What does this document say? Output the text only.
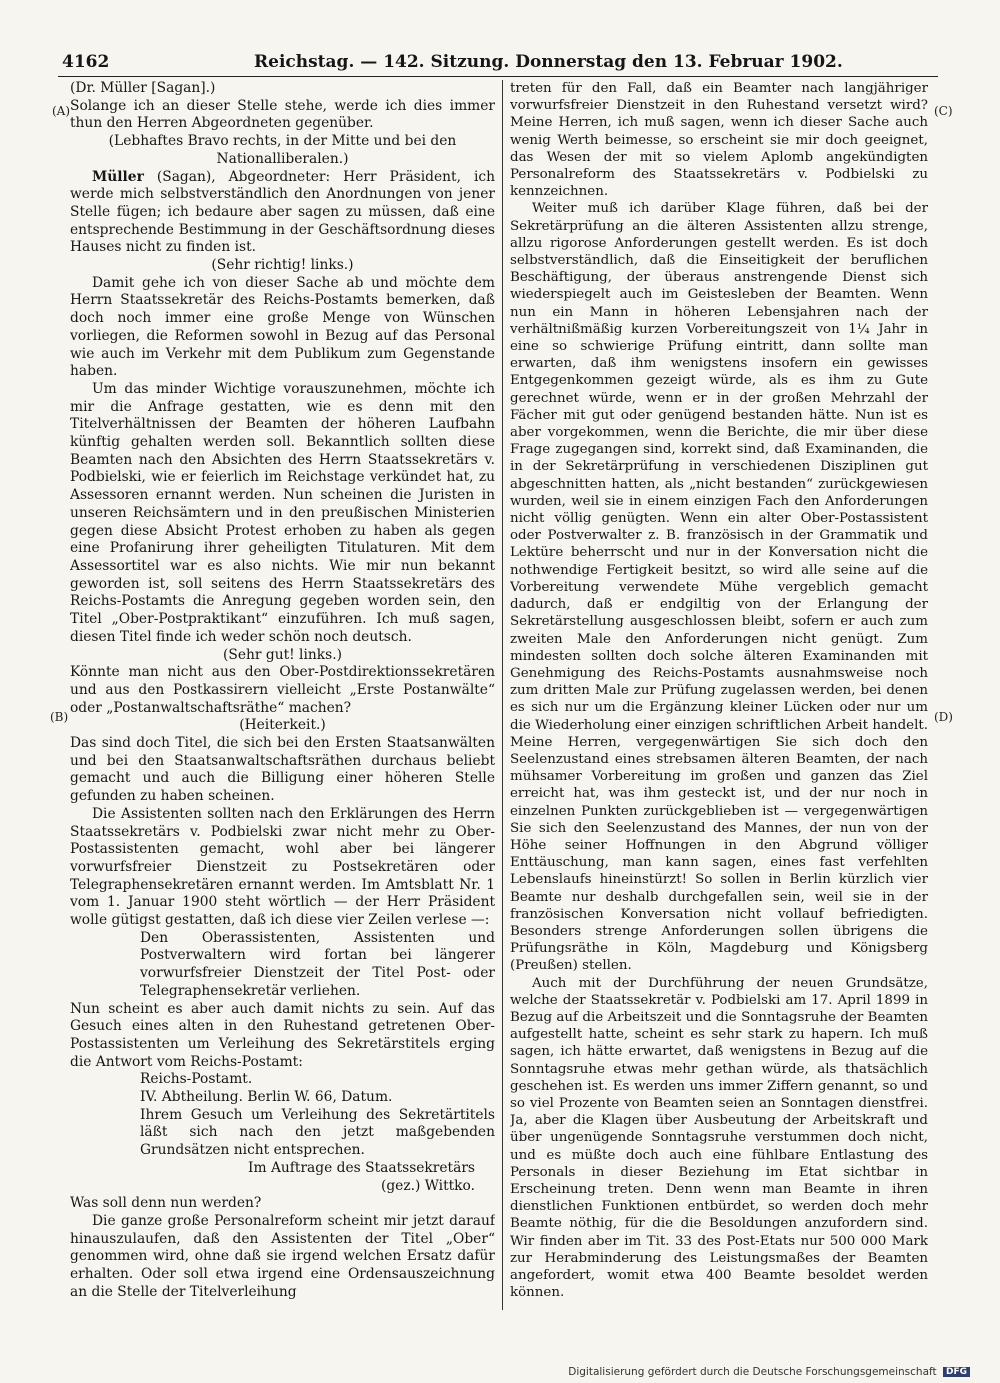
4162	Reichstag. — 142. Sitzung. Donnerstag den 13. Februar 1902.
(A)
(B)
(C)
(D)

(Dr. Müller [Sagan].)

Solange ich an dieser Stelle stehe, werde ich dies immer thun den Herren Abgeordneten gegenüber.

(Lebhaftes Bravo rechts, in der Mitte und bei den Nationalliberalen.)

Müller (Sagan), Abgeordneter: Herr Präsident, ich werde mich selbstverständlich den Anordnungen von jener Stelle fügen; ich bedaure aber sagen zu müssen, daß eine entsprechende Bestimmung in der Geschäftsordnung dieses Hauses nicht zu finden ist.

(Sehr richtig! links.)

Damit gehe ich von dieser Sache ab und möchte dem Herrn Staatssekretär des Reichs-Postamts bemerken, daß doch noch immer eine große Menge von Wünschen vorliegen, die Reformen sowohl in Bezug auf das Personal wie auch im Verkehr mit dem Publikum zum Gegenstande haben.

Um das minder Wichtige vorauszunehmen, möchte ich mir die Anfrage gestatten, wie es denn mit den Titelverhältnissen der Beamten der höheren Laufbahn künftig gehalten werden soll. Bekanntlich sollten diese Beamten nach den Absichten des Herrn Staatssekretärs v. Podbielski, wie er feierlich im Reichstage verkündet hat, zu Assessoren ernannt werden. Nun scheinen die Juristen in unseren Reichsämtern und in den preußischen Ministerien gegen diese Absicht Protest erhoben zu haben als gegen eine Profanirung ihrer geheiligten Titulaturen. Mit dem Assessortitel war es also nichts. Wie mir nun bekannt geworden ist, soll seitens des Herrn Staatssekretärs des Reichs-Postamts die Anregung gegeben worden sein, den Titel „Ober-Postpraktikant“ einzuführen. Ich muß sagen, diesen Titel finde ich weder schön noch deutsch.

(Sehr gut! links.)

Könnte man nicht aus den Ober-Postdirektionssekretären und aus den Postkassirern vielleicht „Erste Postanwälte“ oder „Postanwaltschaftsräthe“ machen?

(Heiterkeit.)

Das sind doch Titel, die sich bei den Ersten Staatsanwälten und bei den Staatsanwaltschaftsräthen durchaus beliebt gemacht und auch die Billigung einer höheren Stelle gefunden zu haben scheinen.

Die Assistenten sollten nach den Erklärungen des Herrn Staatssekretärs v. Podbielski zwar nicht mehr zu Ober-Postassistenten gemacht, wohl aber bei längerer vorwurfsfreier Dienstzeit zu Postsekretären oder Telegraphensekretären ernannt werden. Im Amtsblatt Nr. 1 vom 1. Januar 1900 steht wörtlich — der Herr Präsident wolle gütigst gestatten, daß ich diese vier Zeilen verlese —:

Den Oberassistenten, Assistenten und Postverwaltern wird fortan bei längerer vorwurfsfreier Dienstzeit der Titel Post- oder Telegraphensekretär verliehen.

Nun scheint es aber auch damit nichts zu sein. Auf das Gesuch eines alten in den Ruhestand getretenen Ober-Postassistenten um Verleihung des Sekretärstitels erging die Antwort vom Reichs-Postamt:

Reichs-Postamt.

IV. Abtheilung. Berlin W. 66, Datum.

Ihrem Gesuch um Verleihung des Sekretärtitels läßt sich nach den jetzt maßgebenden Grundsätzen nicht entsprechen.

Im Auftrage des Staatssekretärs

(gez.) Wittko.

Was soll denn nun werden?

Die ganze große Personalreform scheint mir jetzt darauf hinauszulaufen, daß den Assistenten der Titel „Ober“ genommen wird, ohne daß sie irgend welchen Ersatz dafür erhalten. Oder soll etwa irgend eine Ordensauszeichnung an die Stelle der Titelverleihung

treten für den Fall, daß ein Beamter nach langjähriger vorwurfsfreier Dienstzeit in den Ruhestand versetzt wird? Meine Herren, ich muß sagen, wenn ich dieser Sache auch wenig Werth beimesse, so erscheint sie mir doch geeignet, das Wesen der mit so vielem Aplomb angekündigten Personalreform des Staatssekretärs v. Podbielski zu kennzeichnen.

Weiter muß ich darüber Klage führen, daß bei der Sekretärprüfung an die älteren Assistenten allzu strenge, allzu rigorose Anforderungen gestellt werden. Es ist doch selbstverständlich, daß die Einseitigkeit der beruflichen Beschäftigung, der überaus anstrengende Dienst sich wiederspiegelt auch im Geistesleben der Beamten. Wenn nun ein Mann in höheren Lebensjahren nach der verhältnißmäßig kurzen Vorbereitungszeit von 1¼ Jahr in eine so schwierige Prüfung eintritt, dann sollte man erwarten, daß ihm wenigstens insofern ein gewisses Entgegenkommen gezeigt würde, als es ihm zu Gute gerechnet würde, wenn er in der großen Mehrzahl der Fächer mit gut oder genügend bestanden hätte. Nun ist es aber vorgekommen, wenn die Berichte, die mir über diese Frage zugegangen sind, korrekt sind, daß Examinanden, die in der Sekretärprüfung in verschiedenen Disziplinen gut abgeschnitten hatten, als „nicht bestanden“ zurückgewiesen wurden, weil sie in einem einzigen Fach den Anforderungen nicht völlig genügten. Wenn ein alter Ober-Postassistent oder Postverwalter z. B. französisch in der Grammatik und Lektüre beherrscht und nur in der Konversation nicht die nothwendige Fertigkeit besitzt, so wird alle seine auf die Vorbereitung verwendete Mühe vergeblich gemacht dadurch, daß er endgiltig von der Erlangung der Sekretärstellung ausgeschlossen bleibt, sofern er auch zum zweiten Male den Anforderungen nicht genügt. Zum mindesten sollten doch solche älteren Examinanden mit Genehmigung des Reichs-Postamts ausnahmsweise noch zum dritten Male zur Prüfung zugelassen werden, bei denen es sich nur um die Ergänzung kleiner Lücken oder nur um die Wiederholung einer einzigen schriftlichen Arbeit handelt. Meine Herren, vergegenwärtigen Sie sich doch den Seelenzustand eines strebsamen älteren Beamten, der nach mühsamer Vorbereitung im großen und ganzen das Ziel erreicht hat, was ihm gesteckt ist, und der nur noch in einzelnen Punkten zurückgeblieben ist — vergegenwärtigen Sie sich den Seelenzustand des Mannes, der nun von der Höhe seiner Hoffnungen in den Abgrund völliger Enttäuschung, man kann sagen, eines fast verfehlten Lebenslaufs hineinstürzt! So sollen in Berlin kürzlich vier Beamte nur deshalb durchgefallen sein, weil sie in der französischen Konversation nicht vollauf befriedigten. Besonders strenge Anforderungen sollen übrigens die Prüfungsräthe in Köln, Magdeburg und Königsberg (Preußen) stellen.

Auch mit der Durchführung der neuen Grundsätze, welche der Staatssekretär v. Podbielski am 17. April 1899 in Bezug auf die Arbeitszeit und die Sonntagsruhe der Beamten aufgestellt hatte, scheint es sehr stark zu hapern. Ich muß sagen, ich hätte erwartet, daß wenigstens in Bezug auf die Sonntagsruhe etwas mehr gethan würde, als thatsächlich geschehen ist. Es werden uns immer Ziffern genannt, so und so viel Prozente von Beamten seien an Sonntagen dienstfrei. Ja, aber die Klagen über Ausbeutung der Arbeitskraft und über ungenügende Sonntagsruhe verstummen doch nicht, und es müßte doch auch eine fühlbare Entlastung des Personals in dieser Beziehung im Etat sichtbar in Erscheinung treten. Denn wenn man Beamte in ihren dienstlichen Funktionen entbürdet, so werden doch mehr Beamte nöthig, für die die Besoldungen anzufordern sind. Wir finden aber im Tit. 33 des Post-Etats nur 500 000 Mark zur Herabminderung des Leistungsmaßes der Beamten angefordert, womit etwa 400 Beamte besoldet werden können.

Digitalisierung gefördert durch die Deutsche Forschungsgemeinschaft DFG
